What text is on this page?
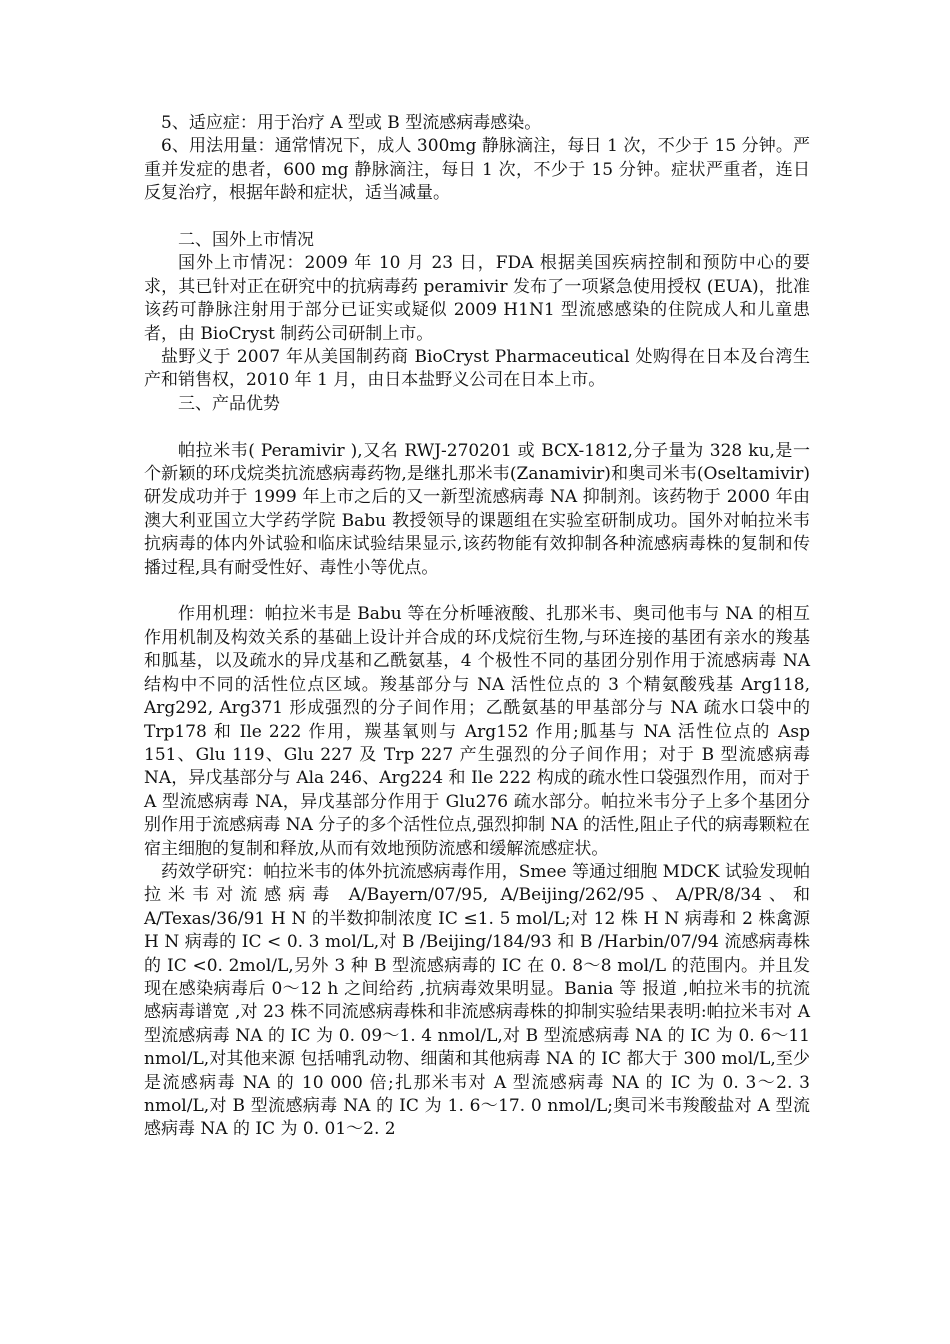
5、适应症：用于治疗 A 型或 B 型流感病毒感染。

6、用法用量：通常情况下，成人 300mg 静脉滴注，每日 1 次，不少于 15 分钟。严重并发症的患者，600 mg 静脉滴注，每日 1 次，不少于 15 分钟。症状严重者，连日反复治疗，根据年龄和症状，适当减量。

二、国外上市情况

国外上市情况：2009 年 10 月 23 日，FDA 根据美国疾病控制和预防中心的要求，其已针对正在研究中的抗病毒药 peramivir 发布了一项紧急使用授权 (EUA)，批准该药可静脉注射用于部分已证实或疑似 2009 H1N1 型流感感染的住院成人和儿童患者，由 BioCryst 制药公司研制上市。

盐野义于 2007 年从美国制药商 BioCryst Pharmaceutical 处购得在日本及台湾生产和销售权，2010 年 1 月，由日本盐野义公司在日本上市。

三、产品优势

帕拉米韦( Peramivir ),又名 RWJ-270201 或 BCX-1812,分子量为 328 ku,是一个新颖的环戊烷类抗流感病毒药物,是继扎那米韦(Zanamivir)和奥司米韦(Oseltamivir)研发成功并于 1999 年上市之后的又一新型流感病毒 NA 抑制剂。该药物于 2000 年由澳大利亚国立大学药学院 Babu 教授领导的课题组在实验室研制成功。国外对帕拉米韦抗病毒的体内外试验和临床试验结果显示,该药物能有效抑制各种流感病毒株的复制和传播过程,具有耐受性好、毒性小等优点。

作用机理：帕拉米韦是 Babu 等在分析唾液酸、扎那米韦、奥司他韦与 NA 的相互作用机制及构效关系的基础上设计并合成的环戊烷衍生物,与环连接的基团有亲水的羧基和胍基，以及疏水的异戊基和乙酰氨基，4 个极性不同的基团分别作用于流感病毒 NA 结构中不同的活性位点区域。羧基部分与 NA 活性位点的 3 个精氨酸残基 Arg118, Arg292, Arg371 形成强烈的分子间作用；乙酰氨基的甲基部分与 NA 疏水口袋中的 Trp178 和 Ile 222 作用，羰基氧则与 Arg152 作用;胍基与 NA 活性位点的 Asp 151、Glu 119、Glu 227 及 Trp 227 产生强烈的分子间作用；对于 B 型流感病毒 NA，异戊基部分与 Ala 246、Arg224 和 Ile 222 构成的疏水性口袋强烈作用，而对于 A 型流感病毒 NA，异戊基部分作用于 Glu276 疏水部分。帕拉米韦分子上多个基团分别作用于流感病毒 NA 分子的多个活性位点,强烈抑制 NA 的活性,阻止子代的病毒颗粒在宿主细胞的复制和释放,从而有效地预防流感和缓解流感症状。

药效学研究：帕拉米韦的体外抗流感病毒作用，Smee 等通过细胞 MDCK 试验发现帕拉米韦对流感病毒 A/Bayern/07/95, A/Beijing/262/95、A/PR/8/34、和 A/Texas/36/91 H N 的半数抑制浓度 IC ≤1. 5 mol/L;对 12 株 H N 病毒和 2 株禽源 H N 病毒的 IC < 0. 3 mol/L,对 B /Beijing/184/93 和 B /Harbin/07/94 流感病毒株的 IC <0. 2mol/L,另外 3 种 B 型流感病毒的 IC 在 0. 8～8 mol/L 的范围内。并且发现在感染病毒后 0～12 h 之间给药 ,抗病毒效果明显。Bania 等 报道 ,帕拉米韦的抗流感病毒谱宽 ,对 23 株不同流感病毒株和非流感病毒株的抑制实验结果表明:帕拉米韦对 A 型流感病毒 NA 的 IC 为 0. 09～1. 4 nmol/L,对 B 型流感病毒 NA 的 IC 为 0. 6～11 nmol/L,对其他来源 包括哺乳动物、细菌和其他病毒 NA 的 IC 都大于 300 mol/L,至少是流感病毒 NA 的 10 000 倍;扎那米韦对 A 型流感病毒 NA 的 IC 为 0. 3～2. 3 nmol/L,对 B 型流感病毒 NA 的 IC 为 1. 6～17. 0 nmol/L;奥司米韦羧酸盐对 A 型流感病毒 NA 的 IC 为 0. 01～2. 2
